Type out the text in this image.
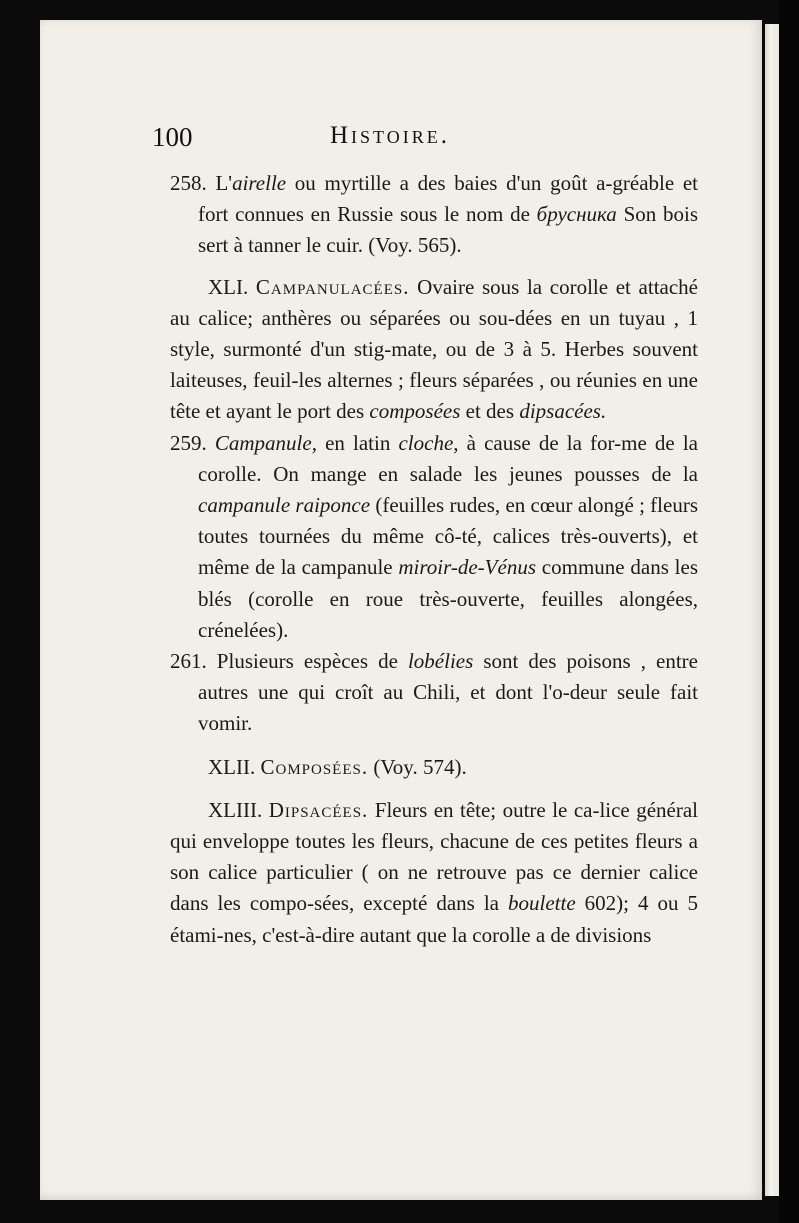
100	Histoire.

258. L'airelle ou myrtille a des baies d'un goût a-gréable et fort connues en Russie sous le nom de брусника Son bois sert à tanner le cuir. (Voy. 565).

XLI. Campanulacées. Ovaire sous la corolle et attaché au calice; anthères ou séparées ou sou-dées en un tuyau , 1 style, surmonté d'un stig-mate, ou de 3 à 5. Herbes souvent laiteuses, feuil-les alternes ; fleurs séparées , ou réunies en une tête et ayant le port des composées et des dipsacées.

259. Campanule, en latin cloche, à cause de la for-me de la corolle. On mange en salade les jeunes pousses de la campanule raiponce (feuilles rudes, en cœur alongé ; fleurs toutes tournées du même cô-té, calices très-ouverts), et même de la campanule miroir-de-Vénus commune dans les blés (corolle en roue très-ouverte, feuilles alongées, crénelées).

261. Plusieurs espèces de lobélies sont des poisons , entre autres une qui croît au Chili, et dont l'o-deur seule fait vomir.

XLII. Composées. (Voy. 574).

XLIII. Dipsacées. Fleurs en tête; outre le ca-lice général qui enveloppe toutes les fleurs, chacune de ces petites fleurs a son calice particulier ( on ne retrouve pas ce dernier calice dans les compo-sées, excepté dans la boulette 602); 4 ou 5 étami-nes, c'est-à-dire autant que la corolle a de divisions
